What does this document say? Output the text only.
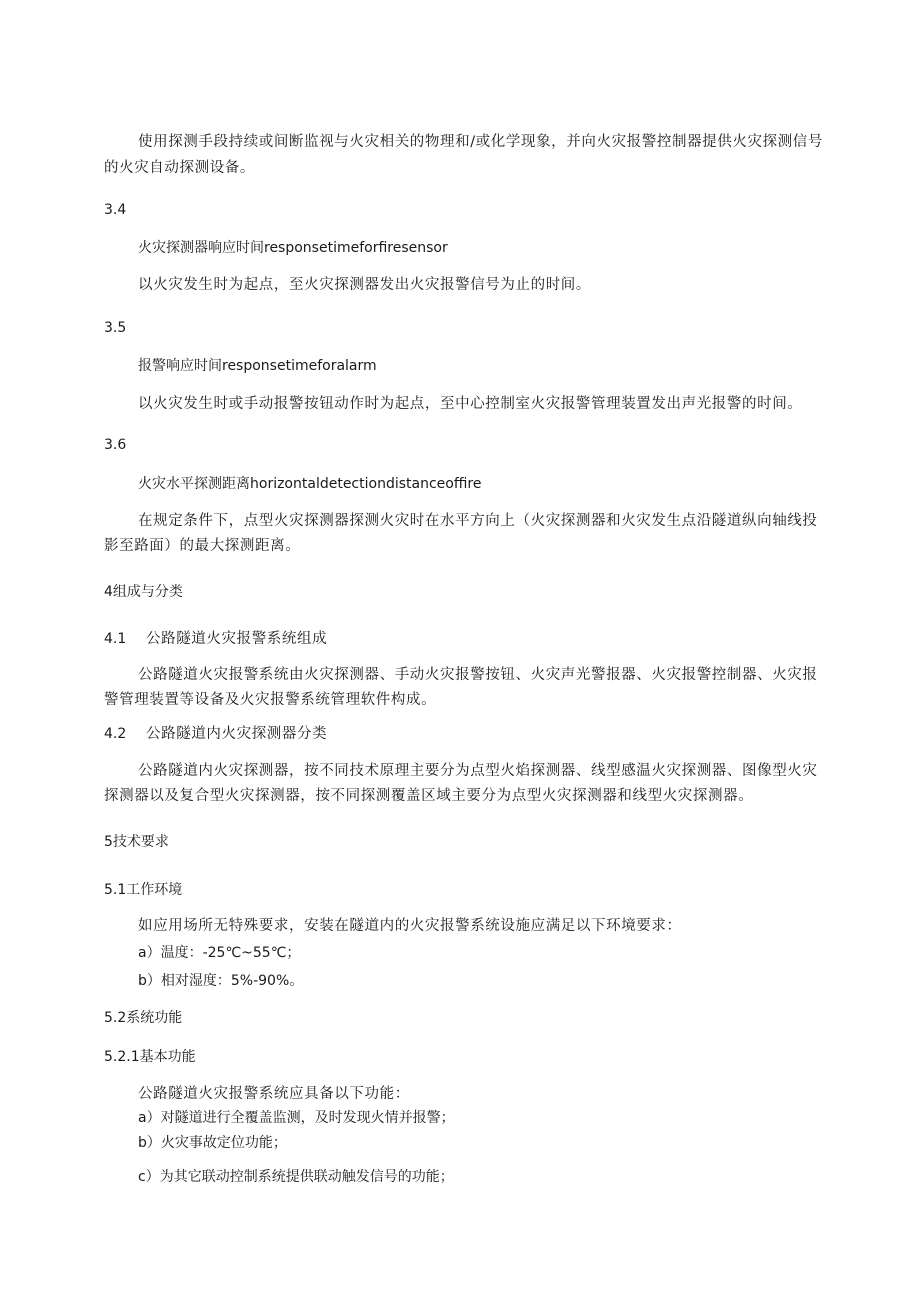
使用探测手段持续或间断监视与火灾相关的物理和/或化学现象，并向火灾报警控制器提供火灾探测信号
的火灾自动探测设备。
3.4
火灾探测器响应时间responsetimeforfiresensor
以火灾发生时为起点，至火灾探测器发出火灾报警信号为止的时间。
3.5
报警响应时间responsetimeforalarm
以火灾发生时或手动报警按钮动作时为起点，至中心控制室火灾报警管理装置发出声光报警的时间。
3.6
火灾水平探测距离horizontaldetectiondistanceoffire
在规定条件下，点型火灾探测器探测火灾时在水平方向上（火灾探测器和火灾发生点沿隧道纵向轴线投
影至路面）的最大探测距离。
4组成与分类
4.1 公路隧道火灾报警系统组成
公路隧道火灾报警系统由火灾探测器、手动火灾报警按钮、火灾声光警报器、火灾报警控制器、火灾报
警管理装置等设备及火灾报警系统管理软件构成。
4.2 公路隧道内火灾探测器分类
公路隧道内火灾探测器，按不同技术原理主要分为点型火焰探测器、线型感温火灾探测器、图像型火灾
探测器以及复合型火灾探测器，按不同探测覆盖区域主要分为点型火灾探测器和线型火灾探测器。
5技术要求
5.1工作环境
如应用场所无特殊要求，安装在隧道内的火灾报警系统设施应满足以下环境要求：
a）温度：-25℃~55℃；
b）相对湿度：5%-90%。
5.2系统功能
5.2.1基本功能
公路隧道火灾报警系统应具备以下功能：
a）对隧道进行全覆盖监测，及时发现火情并报警；
b）火灾事故定位功能；
c）为其它联动控制系统提供联动触发信号的功能；
